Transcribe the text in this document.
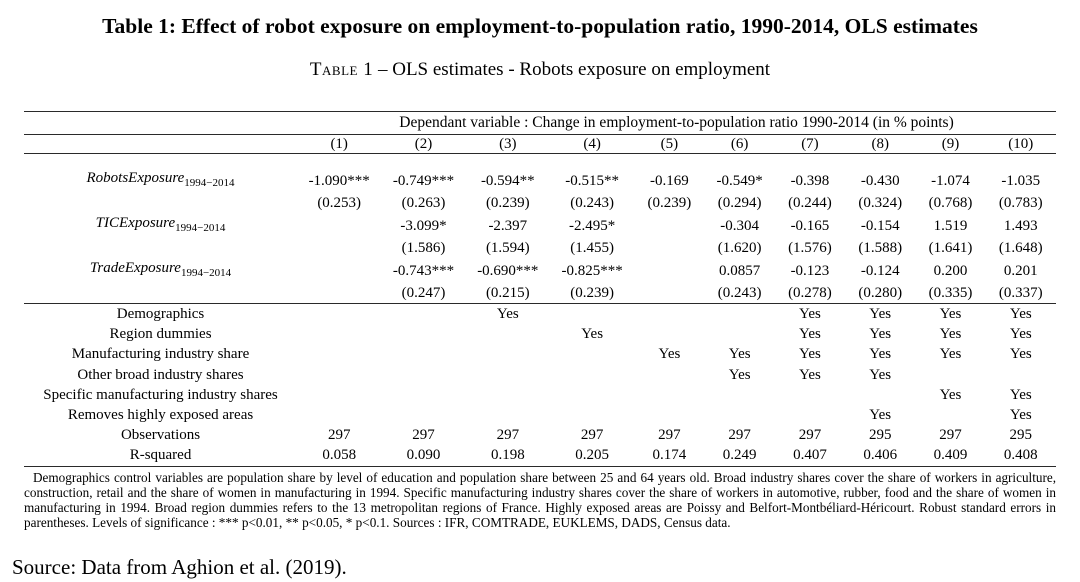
Table 1: Effect of robot exposure on employment-to-population ratio, 1990-2014, OLS estimates
Table 1 – OLS estimates - Robots exposure on employment
	Dependant variable : Change in employment-to-population ratio 1990-2014 (in % points)									
	(1)	(2)	(3)	(4)	(5)	(6)	(7)	(8)	(9)	(10)

RobotsExposure$_{1994-2014}$	-1.090***	-0.749***	-0.594**	-0.515**	-0.169	-0.549*	-0.398	-0.430	-1.074	-1.035
	(0.253)	(0.263)	(0.239)	(0.243)	(0.239)	(0.294)	(0.244)	(0.324)	(0.768)	(0.783)
TICExposure$_{1994-2014}$		-3.099*	-2.397	-2.495*		-0.304	-0.165	-0.154	1.519	1.493
		(1.586)	(1.594)	(1.455)		(1.620)	(1.576)	(1.588)	(1.641)	(1.648)
TradeExposure$_{1994-2014}$		-0.743***	-0.690***	-0.825***		0.0857	-0.123	-0.124	0.200	0.201
		(0.247)	(0.215)	(0.239)		(0.243)	(0.278)	(0.280)	(0.335)	(0.337)
Demographics			Yes				Yes	Yes	Yes	Yes
Region dummies				Yes			Yes	Yes	Yes	Yes
Manufacturing industry share					Yes	Yes	Yes	Yes	Yes	Yes
Other broad industry shares						Yes	Yes	Yes		
Specific manufacturing industry shares									Yes	Yes
Removes highly exposed areas								Yes		Yes
Observations	297	297	297	297	297	297	297	295	297	295
R-squared	0.058	0.090	0.198	0.205	0.174	0.249	0.407	0.406	0.409	0.408
Demographics control variables are population share by level of education and population share between 25 and 64 years old. Broad industry shares cover the share of workers in agriculture, construction, retail and the share of women in manufacturing in 1994. Specific manufacturing industry shares cover the share of workers in automotive, rubber, food and the share of women in manufacturing in 1994. Broad region dummies refers to the 13 metropolitan regions of France. Highly exposed areas are Poissy and Belfort-Montbéliard-Héricourt. Robust standard errors in parentheses. Levels of significance : *** p<0.01, ** p<0.05, * p<0.1. Sources : IFR, COMTRADE, EUKLEMS, DADS, Census data.
Source: Data from Aghion et al. (2019).
